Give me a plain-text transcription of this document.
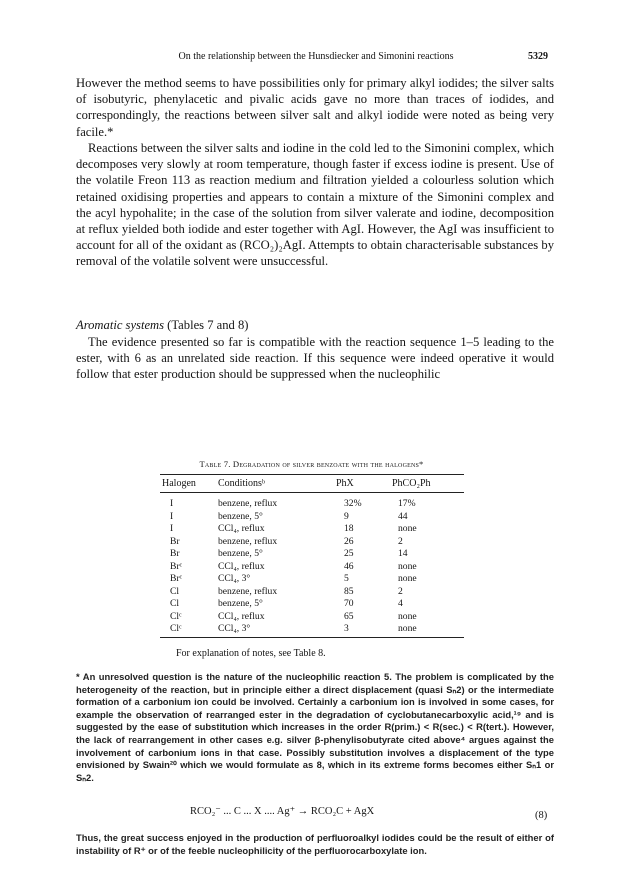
On the relationship between the Hunsdiecker and Simonini reactions	5329

However the method seems to have possibilities only for primary alkyl iodides; the silver salts of isobutyric, phenylacetic and pivalic acids gave no more than traces of iodides, and correspondingly, the reactions between silver salt and alkyl iodide were noted as being very facile.*

Reactions between the silver salts and iodine in the cold led to the Simonini complex, which decomposes very slowly at room temperature, though faster if excess iodine is present. Use of the volatile Freon 113 as reaction medium and filtration yielded a colourless solution which retained oxidising properties and appears to contain a mixture of the Simonini complex and the acyl hypohalite; in the case of the solution from silver valerate and iodine, decomposition at reflux yielded both iodide and ester together with AgI. However, the AgI was insufficient to account for all of the oxidant as (RCO₂)₂AgI. Attempts to obtain characterisable substances by removal of the volatile solvent were unsuccessful.

Aromatic systems (Tables 7 and 8)

The evidence presented so far is compatible with the reaction sequence 1–5 leading to the ester, with 6 as an unrelated side reaction. If this sequence were indeed operative it would follow that ester production should be suppressed when the nucleophilic

Table 7. Degradation of silver benzoate with the halogens*
Halogen Conditionsᵇ	PhX	PhCO₂Ph
I	benzene, reflux	32%	17%
I	benzene, 5°	9	44
I	CCl₄, reflux	18	none
Br	benzene, reflux	26	2
Br	benzene, 5°	25	14
Brᶜ	CCl₄, reflux	46	none
Brᶜ	CCl₄, 3°	5	none
Cl	benzene, reflux	85	2
Cl	benzene, 5°	70	4
Clᶜ	CCl₄, reflux	65	none
Clᶜ	CCl₄, 3°	3	none
For explanation of notes, see Table 8.
* An unresolved question is the nature of the nucleophilic reaction 5. The problem is complicated by the heterogeneity of the reaction, but in principle either a direct displacement (quasi Sₙ2) or the intermediate formation of a carbonium ion could be involved. Certainly a carbonium ion is involved in some cases, for example the observation of rearranged ester in the degradation of cyclobutanecarboxylic acid,¹⁹ and is suggested by the ease of substitution which increases in the order R(prim.) < R(sec.) < R(tert.). However, the lack of rearrangement in other cases e.g. silver β-phenylisobutyrate cited above⁴ argues against the involvement of carbonium ions in that case. Possibly substitution involves a displacement of the type envisioned by Swain²⁰ which we would formulate as 8, which in its extreme forms becomes either Sₙ1 or Sₙ2.
RCO₂⁻ ... C ... X .... Ag⁺ → RCO₂C + AgX	(8)
Thus, the great success enjoyed in the production of perfluoroalkyl iodides could be the result of either of instability of R⁺ or of the feeble nucleophilicity of the perfluorocarboxylate ion.
